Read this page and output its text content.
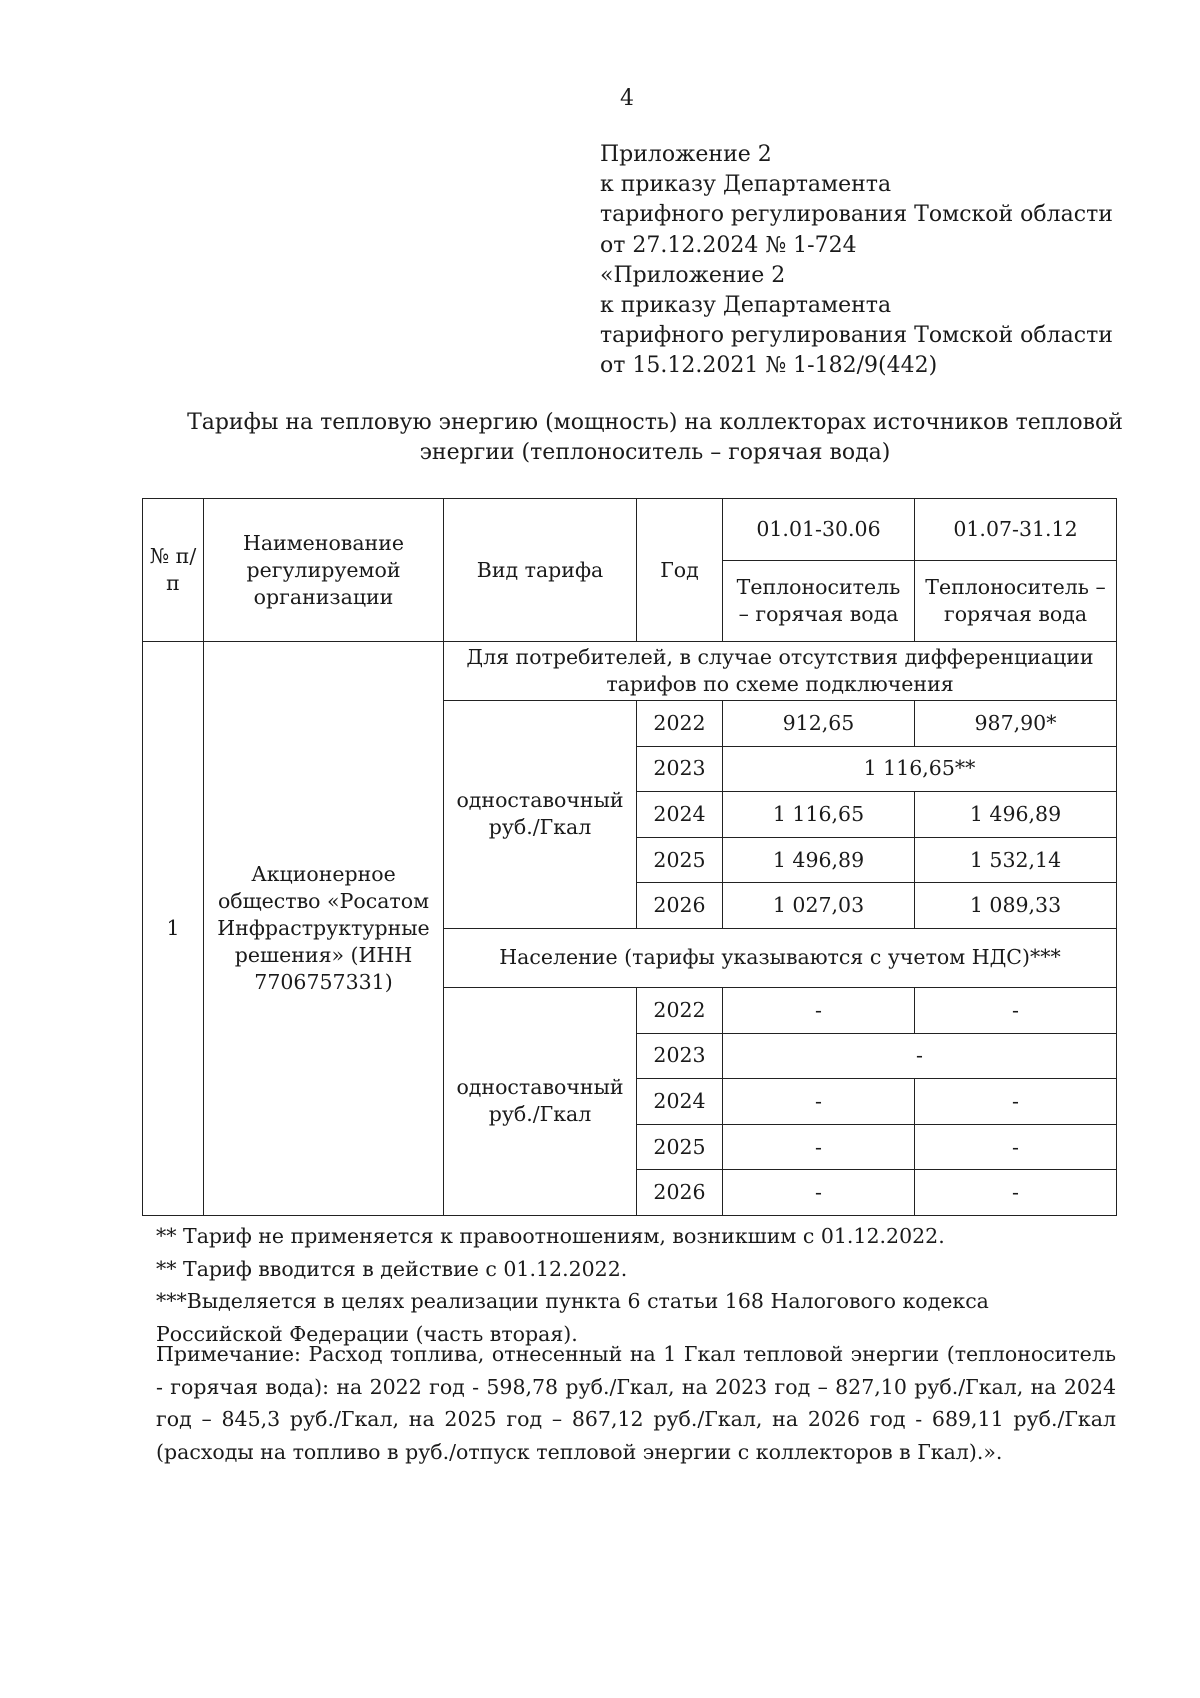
4
Приложение 2
к приказу Департамента
тарифного регулирования Томской области
от 27.12.2024 № 1-724
«Приложение 2
к приказу Департамента
тарифного регулирования Томской области
от 15.12.2021 № 1-182/9(442)
Тарифы на тепловую энергию (мощность) на коллекторах источников тепловой
энергии (теплоноситель – горячая вода)
№ п/п	Наименование регулируемой организации	Вид тарифа	Год	01.01-30.06	01.07-31.12
				Теплоноситель – горячая вода	Теплоноситель – горячая вода
1	Акционерное общество «Росатом Инфраструктурные решения» (ИНН 7706757331)	Для потребителей, в случае отсутствия дифференциации тарифов по схеме подключения			
		одноставочный руб./Гкал	2022	912,65	987,90*
			2023	1 116,65**	
			2024	1 116,65	1 496,89
			2025	1 496,89	1 532,14
			2026	1 027,03	1 089,33
		Население (тарифы указываются с учетом НДС)***			
		одноставочный руб./Гкал	2022	-	-
			2023	-	
			2024	-	-
			2025	-	-
			2026	-	-
** Тариф не применяется к правоотношениям, возникшим с 01.12.2022.
** Тариф вводится в действие с 01.12.2022.
***Выделяется в целях реализации пункта 6 статьи 168 Налогового кодекса Российской Федерации (часть вторая).
Примечание: Расход топлива, отнесенный на 1 Гкал тепловой энергии (теплоноситель - горячая вода): на 2022 год - 598,78 руб./Гкал, на 2023 год – 827,10 руб./Гкал, на 2024 год – 845,3 руб./Гкал, на 2025 год – 867,12 руб./Гкал, на 2026 год - 689,11 руб./Гкал (расходы на топливо в руб./отпуск тепловой энергии с коллекторов в Гкал).».
